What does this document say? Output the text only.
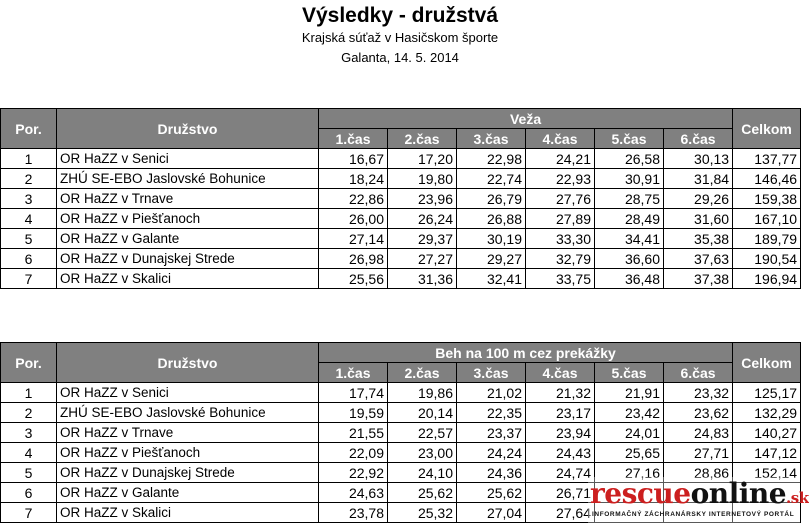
Výsledky - družstvá
Krajská súťaž v Hasičskom športe
Galanta, 14. 5. 2014
Por.	Družstvo	Veža						Celkom
		1.čas	2.čas	3.čas	4.čas	5.čas	6.čas	
1	OR HaZZ v Senici	16,67	17,20	22,98	24,21	26,58	30,13	137,77
2	ZHÚ SE-EBO Jaslovské Bohunice	18,24	19,80	22,74	22,93	30,91	31,84	146,46
3	OR HaZZ v Trnave	22,86	23,96	26,79	27,76	28,75	29,26	159,38
4	OR HaZZ v Piešťanoch	26,00	26,24	26,88	27,89	28,49	31,60	167,10
5	OR HaZZ v Galante	27,14	29,37	30,19	33,30	34,41	35,38	189,79
6	OR HaZZ v Dunajskej Strede	26,98	27,27	29,27	32,79	36,60	37,63	190,54
7	OR HaZZ v Skalici	25,56	31,36	32,41	33,75	36,48	37,38	196,94
Por.	Družstvo	Beh na 100 m cez prekážky						Celkom
		1.čas	2.čas	3.čas	4.čas	5.čas	6.čas	
1	OR HaZZ v Senici	17,74	19,86	21,02	21,32	21,91	23,32	125,17
2	ZHÚ SE-EBO Jaslovské Bohunice	19,59	20,14	22,35	23,17	23,42	23,62	132,29
3	OR HaZZ v Trnave	21,55	22,57	23,37	23,94	24,01	24,83	140,27
4	OR HaZZ v Piešťanoch	22,09	23,00	24,24	24,43	25,65	27,71	147,12
5	OR HaZZ v Dunajskej Strede	22,92	24,10	24,36	24,74	27,16	28,86	152,14
6	OR HaZZ v Galante	24,63	25,62	25,62	26,71			
7	OR HaZZ v Skalici	23,78	25,32	27,04	27,64			
rescueonline.sk
INFORMAČNÝ ZÁCHRANÁRSKY INTERNETOVÝ PORTÁL
